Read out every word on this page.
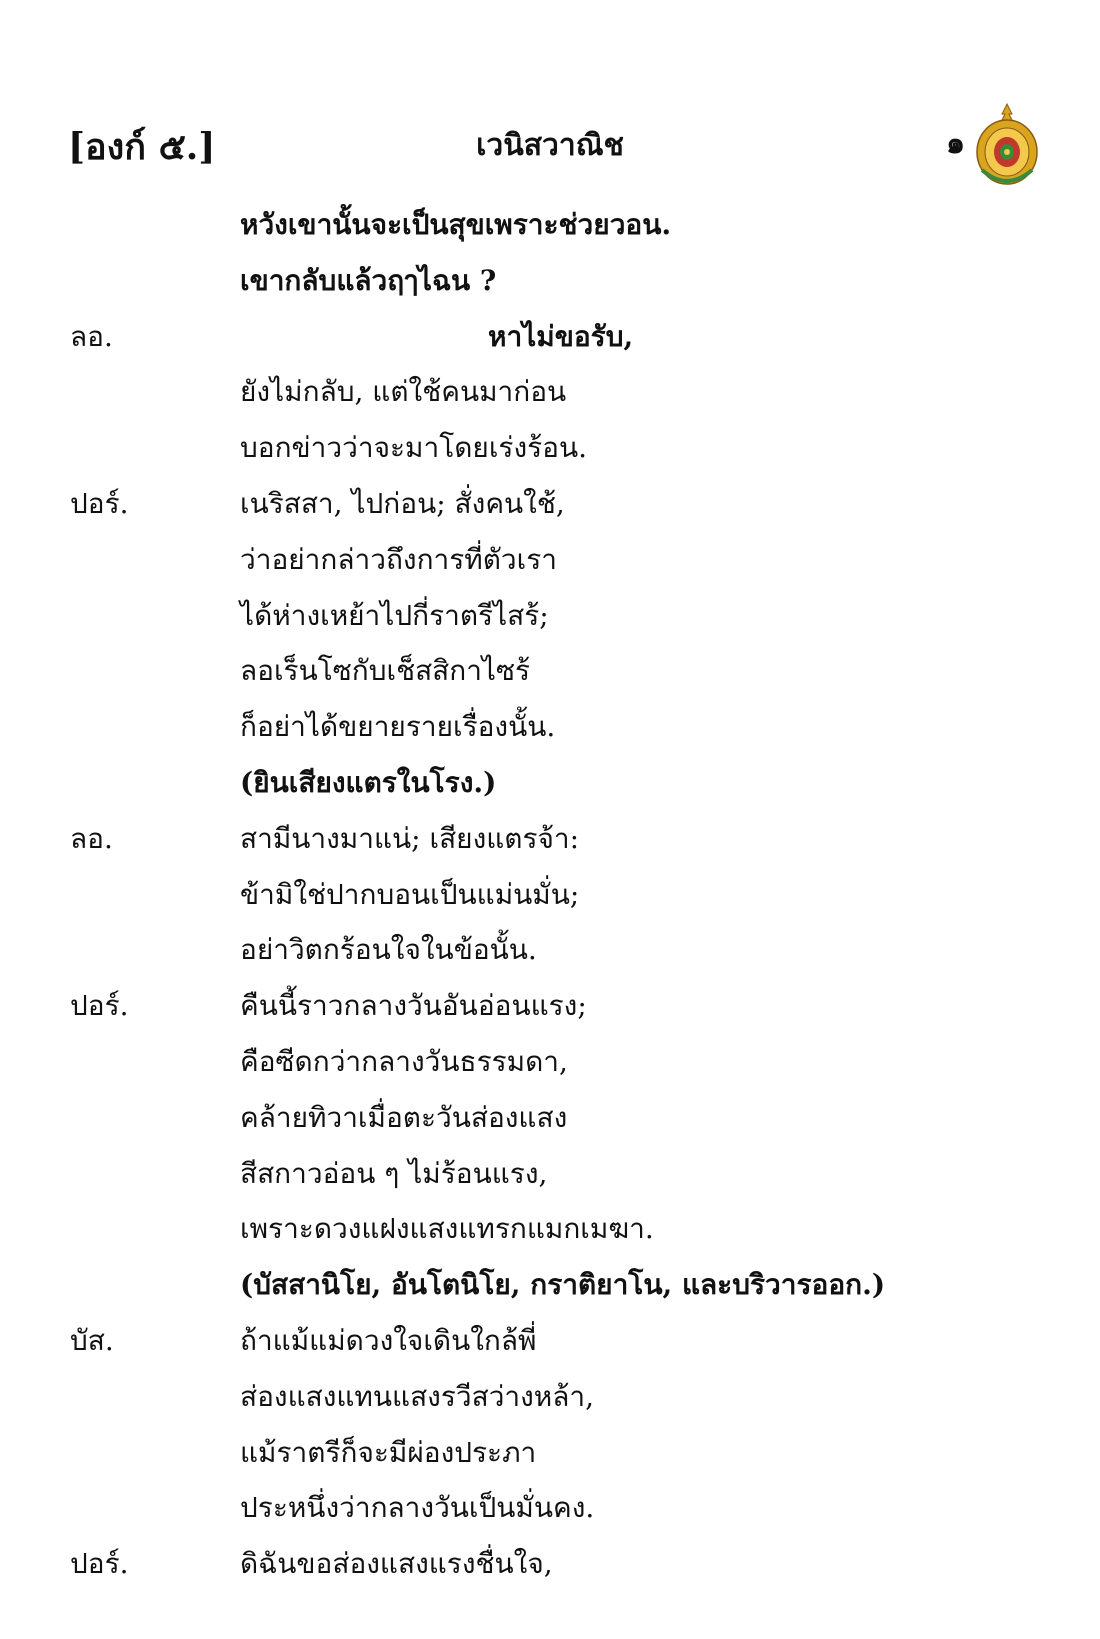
[องก์ ๕.]	เวนิสวาณิช	๑
หวังเขานั้นจะเป็นสุขเพราะช่วยวอน.
เขากลับแล้วฤๅไฉน ?
ลอ.	หาไม่ขอรับ,
ยังไม่กลับ, แต่ใช้คนมาก่อน
บอกข่าวว่าจะมาโดยเร่งร้อน.
ปอร์.	เนริสสา, ไปก่อน; สั่งคนใช้,
ว่าอย่ากล่าวถึงการที่ตัวเรา
ได้ห่างเหย้าไปกี่ราตรีไสร้;
ลอเร็นโซกับเช็สสิกาไซร้
ก็อย่าได้ขยายรายเรื่องนั้น.
(ยินเสียงแตรในโรง.)
ลอ.	สามีนางมาแน่; เสียงแตรจ้า:
ข้ามิใช่ปากบอนเป็นแม่นมั่น;
อย่าวิตกร้อนใจในข้อนั้น.
ปอร์.	คืนนี้ราวกลางวันอันอ่อนแรง;
คือซีดกว่ากลางวันธรรมดา,
คล้ายทิวาเมื่อตะวันส่องแสง
สีสกาวอ่อน ๆ ไม่ร้อนแรง,
เพราะดวงแฝงแสงแทรกแมกเมฆา.
(บัสสานิโย, อันโตนิโย, กราติยาโน, และบริวารออก.)
บัส.	ถ้าแม้แม่ดวงใจเดินใกล้พี่
ส่องแสงแทนแสงรวีสว่างหล้า,
แม้ราตรีก็จะมีผ่องประภา
ประหนึ่งว่ากลางวันเป็นมั่นคง.
ปอร์.	ดิฉันขอส่องแสงแรงชื่นใจ,
